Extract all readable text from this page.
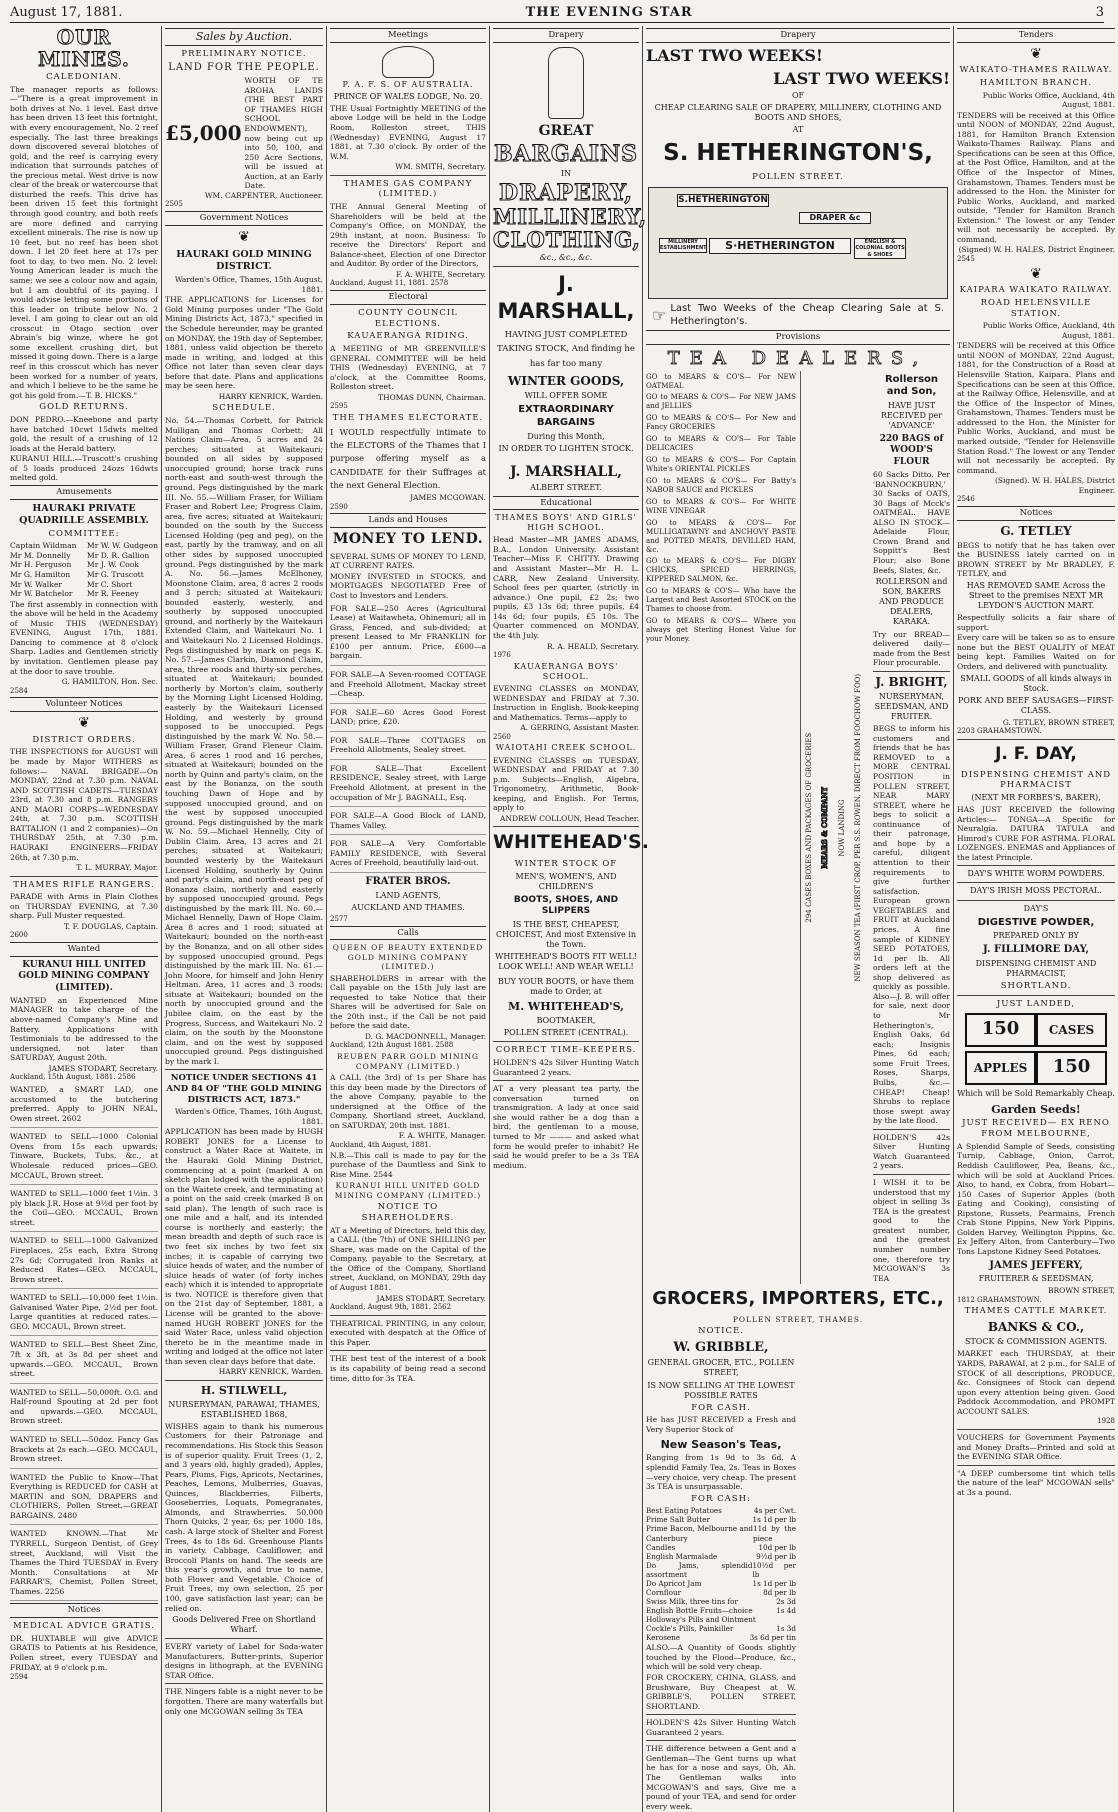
August 17, 1881.	THE EVENING STAR	3
OUR MINES.
CALEDONIAN.

The manager reports as follows:—"There is a great improvement in both drives at No. 1 level. East drive has been driven 13 feet this fortnight, with every encouragement, No. 2 reef especially. The last three breakings down discovered several blotches of gold, and the reef is carrying every indication that surrounds patches of the precious metal. West drive is now clear of the break or watercourse that disturbed the reefs. This drive has been driven 15 feet this fortnight through good country, and both reefs are more defined and carrying excellent minerals. The rise is now up 10 feet, but no reef has been shot down. I let 20 feet here at 17s per foot to day, to two men. No. 2 level: Young American leader is much the same; we see a colour now and again, but I am doubtful of its paying. I would advise letting some portions of this leader on tribute below No. 2 level. I am going to clear out an old crosscut in Otago section over Abrain's big winze, where he got some excellent crushing dirt, but missed it going down. There is a large reef in this crosscut which has never been worked for a number of years, and which I believe to be the same he got his gold from.—T. B. HICKS."

GOLD RETURNS.

DON PEDRO.—Kneebone and party have batched 10cwt 15dwts melted gold, the result of a crushing of 12 loads at the Herald battery.

KURANUI HILL.—Truscott's crushing of 5 loads produced 24ozs 16dwts melted gold.

Amusements
HAURAKI PRIVATE QUADRILLE ASSEMBLY.
COMMITTEE:
Captain Wildman
Mr M. Donnelly
Mr H. Ferguson
Mr G. Hamilton
Mr W. Walker
Mr W. Batchelor
Mr W. W. Gudgeon
Mr D. R. Gallion
Mr J. W. Cook
Mr G. Truscott
Mr C. Short
Mr R. Feeney

The first assembly in connection with the above will be held in the Academy of Music THIS (WEDNESDAY) EVENING, August 17th, 1881. Dancing to commence at 8 o'clock Sharp. Ladies and Gentlemen strictly by invitation. Gentlemen please pay at the door to save trouble.

G. HAMILTON, Hon. Sec.
2584
Volunteer Notices
❦
DISTRICT ORDERS.

THE INSPECTIONS for AUGUST will be made by Major WITHERS as follows:— NAVAL BRIGADE—On MONDAY, 22nd at 7.30 p.m. NAVAL AND SCOTTISH CADETS—TUESDAY 23rd, at 7.30 and 8 p.m. RANGERS AND MAORI CORPS—WEDNESDAY 24th, at 7.30 p.m. SCOTTISH BATTALION (1 and 2 companies)—On THURSDAY 25th, at 7.30 p.m. HAURAKI ENGINEERS—FRIDAY 26th, at 7.30 p.m.

T. L. MURRAY, Major.
THAMES RIFLE RANGERS.

PARADE with Arms in Plain Clothes on THURSDAY EVENING, at 7.30 sharp. Full Muster requested.

T. F. DOUGLAS, Captain.
2600
Wanted
KURANUI HILL UNITED GOLD MINING COMPANY (LIMITED).

WANTED an Experienced Mine MANAGER to take charge of the above-named Company's Mine and Battery. Applications with Testimonials to be addressed to the undersigned, not later than SATURDAY, August 20th.

JAMES STODART, Secretary.
Auckland, 15th August, 1881. 2586

WANTED, a SMART LAD, one accustomed to the butchering preferred. Apply to JOHN NEAL, Owen street. 2602

WANTED to SELL—1000 Colonial Ovens from 15s each upwards; Tinware, Buckets, Tubs, &c., at Wholesale reduced prices—GEO. MCCAUL, Brown street.

WANTED to SELL—1000 feet 1½in. 3 ply black J.R. Hose at 9½d per foot by the Coil—GEO. MCCAUL, Brown street.

WANTED to SELL—1000 Galvanized Fireplaces, 25s each, Extra Strong 27s 6d; Corrugated Iron Ranks at Reduced Rates—GEO. MCCAUL, Brown street.

WANTED to SELL—10,000 feet 1½in. Galvanised Water Pipe, 2½d per foot. Large quantities at reduced rates.—GEO. MCCAUL, Brown street.

WANTED to SELL—Best Sheet Zinc, 7ft x 3ft, at 3s 8d per sheet and upwards.—GEO. MCCAUL, Brown street.

WANTED to SELL—50,000ft. O.G. and Half-round Spouting at 2d per foot and upwards.—GEO. MCCAUL, Brown street.

WANTED to SELL—50doz. Fancy Gas Brackets at 2s each.—GEO. MCCAUL, Brown street.

WANTED the Public to Know—That Everything is REDUCED for CASH at MARTIN and SON, DRAPERS and CLOTHIERS, Pollen Street.—GREAT BARGAINS. 2480

WANTED KNOWN.—That Mr TYRRELL, Surgeon Dentist, of Grey street, Auckland, will Visit the Thames the Third TUESDAY in Every Month. Consultations at Mr FARRAR'S, Chemist, Pollen Street, Thames. 2256

Notices
MEDICAL ADVICE GRATIS.

DR. HUXTABLE will give ADVICE GRATIS to Patients at his Residence, Pollen street, every TUESDAY and FRIDAY, at 9 o'clock p.m.

2594
Sales by Auction.
PRELIMINARY NOTICE.
LAND FOR THE PEOPLE.
£5,000
WORTH OF TE AROHA LANDS (THE BEST PART OF THAMES HIGH SCHOOL ENDOWMENT), now being cut up into 50, 100, and 250 Acre Sections, will be issued at Auction, at an Early Date.
WM. CARPENTER, Auctioneer.
2505
Government Notices
❦
HAURAKI GOLD MINING DISTRICT.
Warden's Office, Thames, 15th August, 1881.

THE APPLICATIONS for Licenses for Gold Mining purposes under "The Gold Mining Districts Act, 1873," specified in the Schedule hereunder, may be granted on MONDAY, the 19th day of September, 1881, unless valid objection be thereto made in writing, and lodged at this Office not later than seven clear days before that date. Plans and applications may be seen here.

HARRY KENRICK, Warden.
SCHEDULE.

No. 54.—Thomas Corbett, for Patrick Mulligan and Thomas Corbett; All Nations Claim—Area, 5 acres and 24 perches; situated at Waitekauri; bounded on all sides by supposed unoccupied ground; horse track runs north-east and south-west through the ground. Pegs distinguished by the mark III. No. 55.—William Fraser, for William Fraser and Robert Lee; Progress Claim, area, five acres; situated at Waitekauri; bounded on the south by the Success Licensed Holding (peg and peg), on the east, partly by the tramway, and on all other sides by supposed unoccupied ground. Pegs distinguished by the mark A. No. 56.—James McElhoney, Moonstone Claim, area, 8 acres 2 roods and 3 perch; situated at Waitekauri; bounded easterly, westerly, and southerly by supposed unoccupied ground, and northerly by the Waitekauri Extended Claim, and Waitekauri No. 1 and Waitekauri No. 2 Licensed Holdings. Pegs distinguished by mark on pegs K. No. 57.—James Clarkin, Diamond Claim, area, three roods and thirty-six perches, situated at Waitekauri; bounded northerly by Morton's claim, southerly by the Morning Light Licensed Holding, easterly by the Waitekauri Licensed Holding, and westerly by ground supposed to be unoccupied. Pegs distinguished by the mark W. No. 58.—William Fraser, Grand Fleneur Claim. Area, 6 acres 1 rood and 16 perches, situated at Waitekauri; bounded on the north by Quinn and party's claim, on the east by the Bonanza, on the south touching Dawn of Hope and by supposed unoccupied ground, and on the west by supposed unoccupied ground. Pegs distinguished by the mark W. No. 59.—Michael Hennelly, City of Dublin Claim. Area, 13 acres and 21 perches; situated at Waitekauri; bounded westerly by the Waitekauri Licensed Holding, southerly by Quinn and party's claim, and north-east peg of Bonanza claim, northerly and easterly by supposed unoccupied ground. Pegs distinguished by the mark III. No. 60.—Michael Hennelly, Dawn of Hope Claim. Area 8 acres and 1 rood; situated at Waitekauri; bounded on the north-east by the Bonanza, and on all other sides by supposed unoccupied ground. Pegs distinguished by the mark III. No. 61.—John Moore, for himself and John Henry Heltman. Area, 11 acres and 3 roods; situate at Waitekauri; bounded on the north by unoccupied ground and the Jubilee claim, on the east by the Progress, Success, and Waitekauri No. 2 claim, on the south by the Moonstone claim, and on the west by supposed unoccupied ground. Pegs distinguished by the mark I.

NOTICE UNDER SECTIONS 41 AND 84 OF "THE GOLD MINING DISTRICTS ACT, 1873."
Warden's Office, Thames, 16th August, 1881.

APPLICATION has been made by HUGH ROBERT JONES for a License to construct a Water Race at Waitete, in the Hauraki Gold Mining District, commencing at a point (marked A on sketch plan lodged with the application) on the Waitete creek, and terminating at a point on the said creek (marked B on said plan). The length of such race is one mile and a half, and its intended course is northerly and easterly; the mean breadth and depth of such race is two feet six inches by two feet six inches; it is capable of carrying two sluice heads of water, and the number of sluice heads of water (of forty inches each) which it is intended to appropriate is two. NOTICE is therefore given that on the 21st day of September, 1881, a License will be granted to the above-named HUGH ROBERT JONES for the said Water Race, unless valid objection thereto be in the meantime made in writing and lodged at the office not later than seven clear days before that date.

HARRY KENRICK, Warden.
H. STILWELL,
NURSERYMAN, PARAWAI, THAMES, ESTABLISHED 1868,

WISHES again to thank his numerous Customers for their Patronage and recommendations. His Stock this Season is of superior quality. Fruit Trees (1, 2, and 3 years old, highly graded), Apples, Pears, Plums, Figs, Apricots, Nectarines, Peaches, Lemons, Mulberries, Guavas, Quinces, Blackberries, Filberts, Gooseberries, Loquats, Pomegranates, Almonds, and Strawberries. 50,000 Thorn Quicks, 2 year, 6s; per 1000 18s, cash. A large stock of Shelter and Forest Trees, 4s to 18s 6d. Greenhouse Plants in variety. Cabbage, Cauliflower, and Broccoli Plants on hand. The seeds are this year's growth, and true to name, both Flower and Vegetable. Choice of Fruit Trees, my own selection, 25 per 100, gave satisfaction last year; can be relied on.

Goods Delivered Free on Shortland Wharf.

EVERY variety of Label for Soda-water Manufacturers, Butter-prints, Superior designs in lithograph, at the EVENING STAR Office.

THE Ningers fable is a night never to be forgotten. There are many waterfalls but only one MCGOWAN selling 3s TEA

Meetings
P. A. F. S. OF AUSTRALIA.
PRINCE OF WALES LODGE, No. 20.

THE Usual Fortnightly MEETING of the above Lodge will be held in the Lodge Room, Rolleston street, THIS (Wednesday) EVENING, August 17 1881, at 7.30 o'clock. By order of the W.M.

WM. SMITH, Secretary.
THAMES GAS COMPANY (LIMITED.)

THE Annual General Meeting of Shareholders will be held at the Company's Office, on MONDAY, the 29th instant, at noon. Business: To receive the Directors' Report and Balance-sheet, Election of one Director and Auditor. By order of the Directors,

F. A. WHITE, Secretary.
Auckland, August 11, 1881. 2578
Electoral
COUNTY COUNCIL ELECTIONS.
KAUAERANGA RIDING.

A MEETING of MR GREENVILLE'S GENERAL COMMITTEE will be held THIS (Wednesday) EVENING, at 7 o'clock, at the Committee Rooms, Rolleston street.

THOMAS DUNN, Chairman.
2595
THE THAMES ELECTORATE.

I WOULD respectfully intimate to the ELECTORS of the Thames that I purpose offering myself as a CANDIDATE for their Suffrages at the next General Election.

JAMES MCGOWAN.
2590
Lands and Houses
MONEY TO LEND.

SEVERAL SUMS OF MONEY TO LEND, AT CURRENT RATES.

MONEY INVESTED in STOCKS, and MORTGAGES NEGOTIATED Free of Cost to Investors and Lenders.

FOR SALE—250 Acres (Agricultural Lease) at Waitawheta, Ohinemuri; all in Grass, Fenced, and sub-divided; at present Leased to Mr FRANKLIN for £100 per annum. Price, £600—a bargain.

FOR SALE—A Seven-roomed COTTAGE and Freehold Allotment, Mackay street—Cheap.

FOR SALE—60 Acres Good Forest LAND; price, £20.

FOR SALE—Three COTTAGES on Freehold Allotments, Sealey street.

FOR SALE—That Excellent RESIDENCE, Sealey street, with Large Freehold Allotment, at present in the occupation of Mr J. BAGNALL, Esq.

FOR SALE—A Good Block of LAND, Thames Valley.

FOR SALE—A Very Comfortable FAMILY RESIDENCE, with Several Acres of Freehold, beautifully laid-out.

FRATER BROS.
LAND AGENTS,
AUCKLAND AND THAMES.
2577
Calls
QUEEN OF BEAUTY EXTENDED GOLD MINING COMPANY (LIMITED.)

SHAREHOLDERS in arrear with the Call payable on the 15th July last are requested to take Notice that their Shares will be advertised for Sale on the 20th inst., if the Call be not paid before the said date.

D. G. MACDONNELL, Manager.
Auckland, 12th August 1881. 2588
REUBEN PARR GOLD MINING COMPANY (LIMITED.)

A CALL (the 3rd) of 1s per Share has this day been made by the Directors of the above Company, payable to the undersigned at the Office of the Company, Shortland street, Auckland, on SATURDAY, 20th inst. 1881.

F. A. WHITE, Manager.
Auckland, 4th August, 1881.

N.B.—This call is made to pay for the purchase of the Dauntless and Sink to Rise Mine. 2544

KURANUI HILL UNITED GOLD MINING COMPANY (LIMITED.)
NOTICE TO SHAREHOLDERS.

AT a Meeting of Directors, held this day, a CALL (the 7th) of ONE SHILLING per Share, was made on the Capital of the Company, payable to the Secretary, at the Office of the Company, Shortland street, Auckland, on MONDAY, 29th day of August 1881.

JAMES STODART, Secretary.
Auckland, August 9th, 1881. 2562

THEATRICAL PRINTING, in any colour, executed with despatch at the Office of this Paper.

THE best test of the interest of a book is its capability of being read a second time, ditto for 3s TEA.

Drapery
GREAT
BARGAINS
IN
DRAPERY,
MILLINERY,
CLOTHING,
&c., &c., &c.
J. MARSHALL,

HAVING JUST COMPLETED TAKING STOCK, And finding he has far too many

WINTER GOODS,
WILL OFFER SOME
EXTRAORDINARY BARGAINS
During this Month,
IN ORDER TO LIGHTEN STOCK.
J. MARSHALL,
ALBERT STREET.
Educational
THAMES BOYS' AND GIRLS' HIGH SCHOOL.

Head Master—MR JAMES ADAMS, B.A., London University. Assistant Teacher—Miss F. CHITTY. Drawing and Assistant Master—Mr H. L. CARR, New Zealand University. School fees per quarter, (strictly in advance.) One pupil, £2 2s; two pupils, £3 13s 6d; three pupils, £4 14s 6d; four pupils, £5 10s. The Quarter commenced on MONDAY, the 4th July.

R. A. HEALD, Secretary.
1976
KAUAERANGA BOYS' SCHOOL.

EVENING CLASSES on MONDAY, WEDNESDAY and FRIDAY at 7.30. Instruction in English, Book-keeping and Mathematics. Terms—apply to

A. GERRING, Assistant Master.
2560
WAIOTAHI CREEK SCHOOL.

EVENING CLASSES on TUESDAY, WEDNESDAY and FRIDAY at 7.30 p.m. Subjects—English, Algebra, Trigonometry, Arithmetic, Book-keeping, and English. For Terms, apply to

ANDREW COLLOUN, Head Teacher.
WHITEHEAD'S.
WINTER STOCK OF
MEN'S, WOMEN'S, AND CHILDREN'S
BOOTS, SHOES, AND SLIPPERS
IS THE BEST, CHEAPEST, CHOICEST, And most Extensive in the Town.
WHITEHEAD'S BOOTS FIT WELL! LOOK WELL! AND WEAR WELL!
BUY YOUR BOOTS, or have them made to Order, at
M. WHITEHEAD'S,
BOOTMAKER,
POLLEN STREET (CENTRAL).
CORRECT TIME-KEEPERS.

HOLDEN'S 42s Silver Hunting Watch Guaranteed 2 years.

AT a very pleasant tea party, the conversation turned on transmigration. A lady at once said she would rather be a dog than a bird, the gentleman to a mouse, turned to Mr ——— and asked what form he would prefer to inhabit? He said he would prefer to be a 3s TEA medium.

Drapery
LAST TWO WEEKS!
LAST TWO WEEKS!
OF

CHEAP CLEARING SALE OF DRAPERY, MILLINERY, CLOTHING AND BOOTS AND SHOES,

AT
S. HETHERINGTON'S,
POLLEN STREET.
S.HETHERINGTON
DRAPER &c
S·HETHERINGTON
MILLINERY ESTABLISHMENT
ENGLISH & COLONIAL BOOTS & SHOES
☞ Last Two Weeks of the Cheap Clearing Sale at S. Hetherington's.
Provisions
TEA DEALERS,

GO to MEARS & CO'S— For NEW OATMEAL

GO to MEARS & CO'S— For NEW JAMS and JELLIES

GO to MEARS & CO'S— For New and Fancy GROCERIES

GO to MEARS & CO'S— For Table DELICACIES

GO to MEARS & CO'S— For Captain White's ORIENTAL PICKLES

GO to MEARS & CO'S— For Batty's NABOB SAUCE and PICKLES

GO to MEARS & CO'S— For WHITE WINE VINEGAR

GO to MEARS & CO'S— For MULLIGATAWNY and ANCHOVY PASTE and POTTED MEATS, DEVILLED HAM, &c.

GO to MEARS & CO'S— For DIGBY CHICKS, SPICED HERRINGS, KIPPERED SALMON, &c.

GO to MEARS & CO'S— Who have the Largest and Best Assorted STOCK on the Thames to choose from.

GO to MEARS & CO'S— Where you always get Sterling Honest Value for your Money.

294 CASES BOXES AND PACKAGES OF GROCERIES MEARS & COMPANY NOW LANDING NEW SEASON TEA (FIRST CROP, PER S.S. ROWEN, DIRECT FROM FOOCHOW FOO)
Rollerson and Son,
HAVE JUST RECEIVED per 'ADVANCE'
220 BAGS of WOOD'S FLOUR

60 Sacks Ditto. Per 'BANNOCKBURN,' 30 Sacks of OATS, 30 Bags of Mcck's OATMEAL. HAVE ALSO IN STOCK— Adelaide Flour, Crown Brand and Soppitt's Best Flour; also Bone Beefs, Slates, &c.

ROLLERSON and SON, BAKERS AND PRODUCE DEALERS, KARAKA.

Try our BREAD—delivered daily—made from the Best Flour procurable.

J. BRIGHT,
NURSERYMAN, SEEDSMAN, AND FRUITER.

BEGS to inform his customers and friends that he has REMOVED to a MORE CENTRAL POSITION in POLLEN STREET, NEAR MARY STREET, where he begs to solicit a continuance of their patronage, and hope by a careful, diligent attention to their requirements to give further satisfaction. European grown VEGETABLES and FRUIT at Auckland prices. A fine sample of KIDNEY SEED POTATOES, 1d per lb. All orders left at the shop delivered as quickly as possible. Also—J. B. will offer for sale, next door to Mr Hetherington's, English Oaks, 6d each; Insignis Pines, 6d each; some Fruit Trees, Roses, Sharps, Bulbs, &c.—CHEAP! Cheap! Shrubs to replace those swept away by the late flood.

HOLDEN'S 42s Silver Hunting Watch Guaranteed 2 years.

I WISH it to be understood that my object in selling 3s TEA is the greatest good to the greatest number, and the greatest number number one, therefore try MCGOWAN'S 3s TEA

GROCERS, IMPORTERS, ETC.,
POLLEN STREET, THAMES.
NOTICE.
W. GRIBBLE,
GENERAL GROCER, ETC., POLLEN STREET,
IS NOW SELLING AT THE LOWEST POSSIBLE RATES
FOR CASH.

He has JUST RECEIVED a Fresh and Very Superior Stock of

New Season's Teas,

Ranging from 1s 9d to 3s 6d. A splendid Family Tea, 2s. Teas in Boxes—very choice, very cheap. The present 3s TEA is unsurpassable.

FOR CASH:
Best Eating Potatoes	4s per Cwt.
Prime Salt Butter	1s 1d per lb
Prime Bacon, Melbourne and Canterbury
11d by the piece
Candles	10d per lb
English Marmalade	9½d per lb
Do Jams, splendid assortment
10½d per lb
Do Apricot Jam	1s 1d per lb
Cornflour	8d per lb
Swiss Milk, three tins for	2s 3d
English Bottle Fruits—choice	1s 4d
Holloway's Pills and Ointment
Cockle's Pills, Painkiller	1s 3d
Kerosene	3s 6d per tin

ALSO.—A Quantity of Goods slightly touched by the Flood—Produce, &c., which will be sold very cheap.

FOR CROCKERY, CHINA, GLASS, and Brushware, Buy Cheapest at W. GRIBBLE'S, POLLEN STREET, SHORTLAND.

HOLDEN'S 42s Silver Hunting Watch Guaranteed 2 years.

THE difference between a Gent and a Gentleman—The Gent turns up what he has for a nose and says, Oh, Ah. The Gentleman walks into MCGOWAN'S and says, Give me a pound of your TEA, and send for order every week.

Tenders
❦
WAIKATO-THAMES RAILWAY.
HAMILTON BRANCH.
Public Works Office, Auckland, 4th August, 1881.

TENDERS will be received at this Office until NOON of MONDAY, 22nd August, 1881, for Hamilton Branch Extension Waikato-Thames Railway. Plans and Specifications can be seen at this Office, at the Post Office, Hamilton, and at the Office of the Inspector of Mines, Grahamstown, Thames. Tenders must be addressed to the Hon. the Minister for Public Works, Auckland, and marked outside, "Tender for Hamilton Branch Extension." The lowest or any Tender will not necessarily be accepted. By command,

(Signed) W. H. HALES, District Engineer.
2545
❦
KAIPARA WAIKATO RAILWAY.
ROAD HELENSVILLE STATION.
Public Works Office, Auckland, 4th August, 1881.

TENDERS will be received at this Office until NOON of MONDAY, 22nd August, 1881, for the Construction of a Road at Helensville Station, Kaipara. Plans and Specifications can be seen at this Office, at the Railway Office, Helensville, and at the Office of the Inspector of Mines, Grahamstown, Thames. Tenders must be addressed to the Hon. the Minister for Public Works, Auckland, and must be marked outside, "Tender for Helensville Station Road." The lowest or any Tender will not necessarily be accepted. By command.

(Signed). W. H. HALES, District Engineer.
2546
Notices
G. TETLEY

BEGS to notify that he has taken over the BUSINESS lately carried on in BROWN STREET by Mr BRADLEY, F. TETLEY, and

HAS REMOVED SAME Across the Street to the premises NEXT MR LEYDON'S AUCTION MART.

Respectfully solicits a fair share of support.

Every care will be taken so as to ensure none but the BEST QUALITY of MEAT being kept. Families Waited on for Orders, and delivered with punctuality.

SMALL GOODS of all kinds always in Stock.
PORK AND BEEF SAUSAGES—FIRST-CLASS.
G. TETLEY, BROWN STREET,
2203 GRAHAMSTOWN.
J. F. DAY,
DISPENSING CHEMIST AND PHARMACIST
(NEXT MR FORBES'S, BAKER),

HAS JUST RECEIVED the following Articles:— TONGA—A Specific for Neuralgia. DATURA TATULA and Himrod's CURE FOR ASTHMA. FLORAL LOZENGES. ENEMAS and Appliances of the latest Principle.

DAY'S WHITE WORM POWDERS.
DAY'S IRISH MOSS PECTORAL.
DAY'S
DIGESTIVE POWDER,
PREPARED ONLY BY
J. FILLIMORE DAY,
DISPENSING CHEMIST AND PHARMACIST,
SHORTLAND.
JUST LANDED,
150	CASES
APPLES	150
Which will be Sold Remarkably Cheap.
Garden Seeds!
JUST RECEIVED— EX RENO FROM MELBOURNE,

A Splendid Sample of Seeds, consisting Turnip, Cabbage, Onion, Carrot, Reddish Cauliflower, Pea, Beans, &c., which will be sold at Auckland Prices. Also, to hand, ex Cobra, from Hobart—150 Cases of Superior Apples (both Eating and Cooking), consisting of Ripstone, Russets, Pearmains, French Crab Stone Pippins, New York Pippins, Golden Harvey, Wellington Pippins, &c. Ex Jeffery Alton, from Canterbury—Two Tons Lapstone Kidney Seed Potatoes.

JAMES JEFFERY,
FRUITERER & SEEDSMAN,
BROWN STREET,
1812 GRAHAMSTOWN.
THAMES CATTLE MARKET.
BANKS & CO.,
STOCK & COMMISSION AGENTS.

MARKET each THURSDAY, at their YARDS, PARAWAI, at 2 p.m., for SALE of STOCK of all descriptions, PRODUCE, &c. Consignees of Stock can depend upon every attention being given. Good Paddock Accommodation, and PROMPT ACCOUNT SALES.

1928

VOUCHERS for Government Payments and Money Drafts—Printed and sold at the EVENING STAR Office.

"A DEEP cumbersome tint which tells the nature of the leaf" MCGOWAN sells" at 3s a pound.
